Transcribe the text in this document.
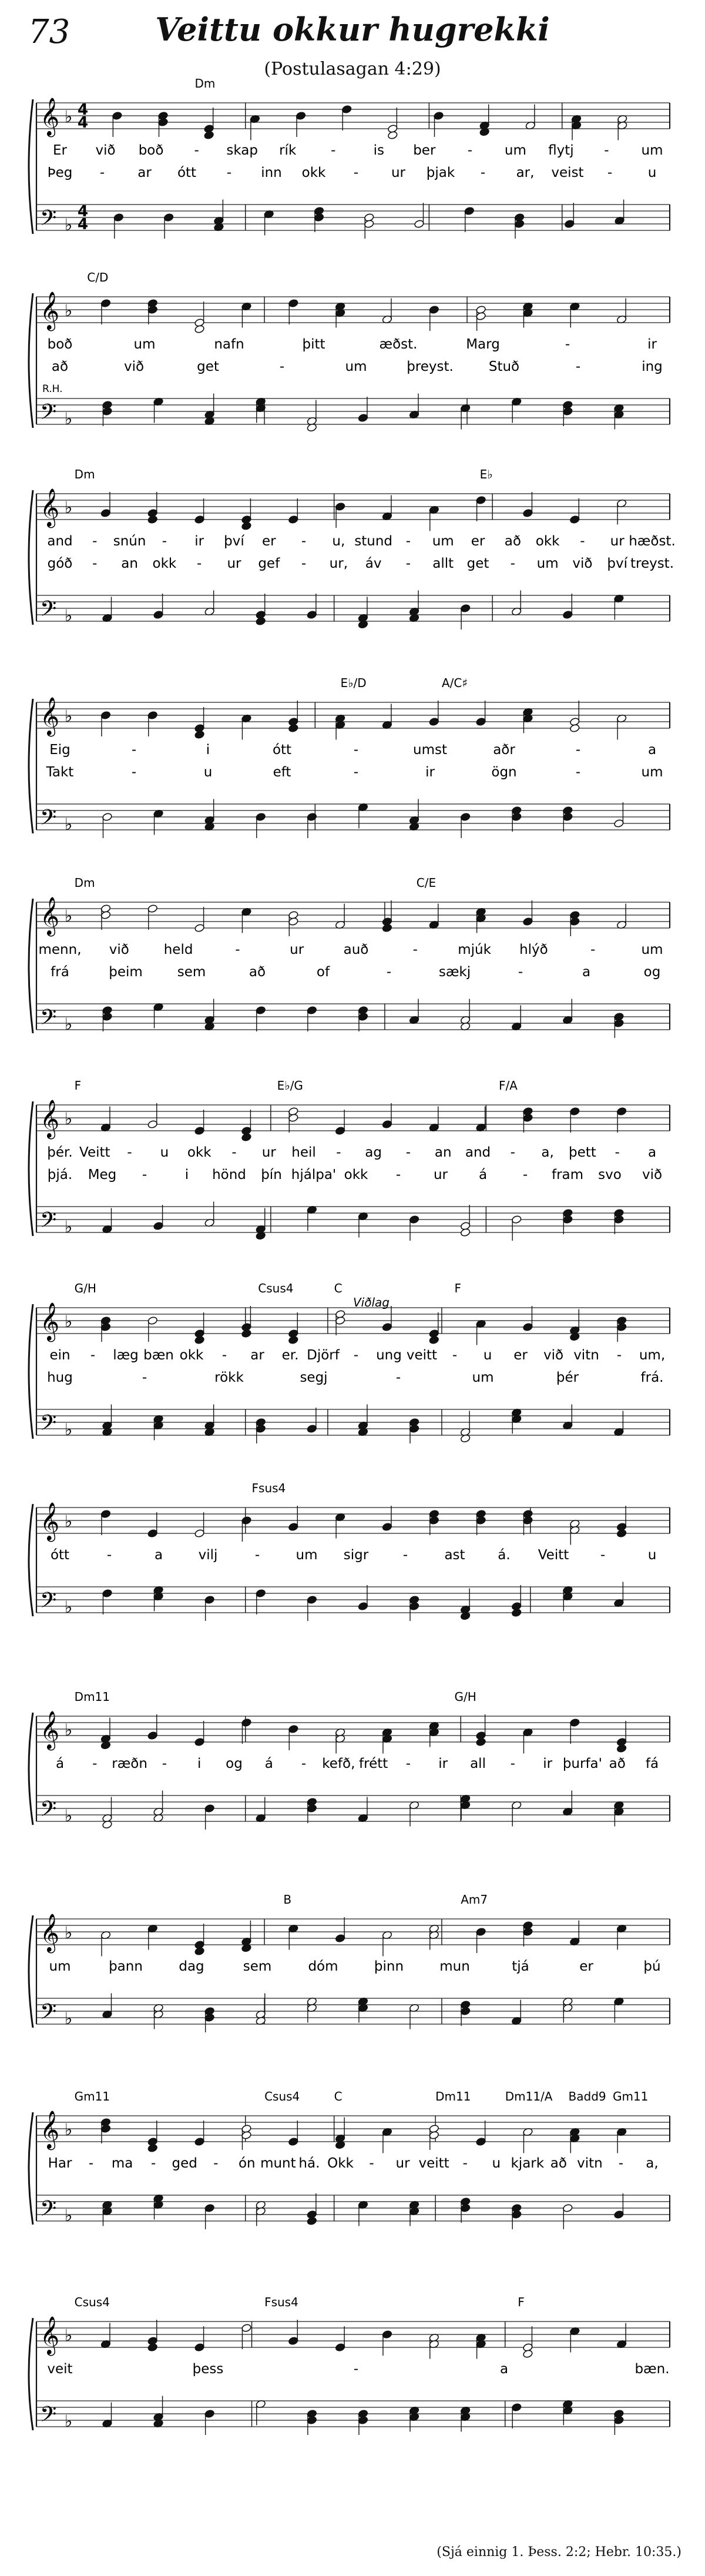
73	Veittu okkur hugrekki
(Postulasagan 4:29)
𝄞 ♭ 4
4
𝄢 ♭
4
4
Dm
Er við boð - skap rík	-	is ber - um flytj - um
Þeg - ar ótt - inn okk - ur þjak - ar, veist -	u
𝄞 ♭
𝄢 ♭
C/D
boð	um	nafn	þitt	æðst.	Marg	-	ir
að	við	get	-	um	þreyst.	Stuð	-	ing
𝄞 ♭
𝄢 ♭
Dm	E♭
and - snún - ir því er - u, stund - um er að okk - ur hæðst.
góð - an okk - ur gef - ur, áv - allt get - um við því treyst.
𝄞 ♭
𝄢 ♭
E♭/D	A/C♯
Eig	-	i	ótt	-	umst	aðr	-	a
Takt	-	u	eft	-	ir	ögn	-	um
𝄞 ♭
𝄢 ♭
Dm	C/E
menn, við	held	-	ur	auð	-	mjúk hlýð	-	um
frá	þeim	sem	að	of	-	sækj	-	a	og
𝄞 ♭
𝄢 ♭
F	E♭/G	F/A
þér. Veitt - u okk - ur heil - ag - an and - a, þett - a
þjá. Meg -	i hönd þín hjálpa' okk - ur á	- fram svo við
𝄞 ♭
𝄢 ♭
G/H	Csus4	C	F
ein - læg bæn okk - ar er. Djörf - ung veitt - u er við vitn - um,
hug	-	rökk	segj	-	um	þér	frá.
𝄞 ♭
𝄢 ♭
Fsus4
ótt	-	a	vilj	-	um sigr	-	ast á. Veitt -	u
𝄞 ♭
𝄢 ♭
Dm11	G/H
á - ræðn - i og á - kefð, frétt - ir all - ir þurfa' að fá
𝄞 ♭
𝄢 ♭
B	Am7
um	þann	dag	sem	dóm	þinn	mun	tjá	er	þú
𝄞 ♭
𝄢 ♭
Gm11	Csus4	C	Dm11	Dm11/A Badd9 Gm11
Har - ma - ged - ón munt há. Okk - ur veitt - u kjark að vitn - a,
𝄞 ♭
𝄢 ♭
Csus4	Fsus4	F
veit	þess	-	a	bæn.
R.H.
Viðlag
(Sjá einnig 1. Þess. 2:2; Hebr. 10:35.)
